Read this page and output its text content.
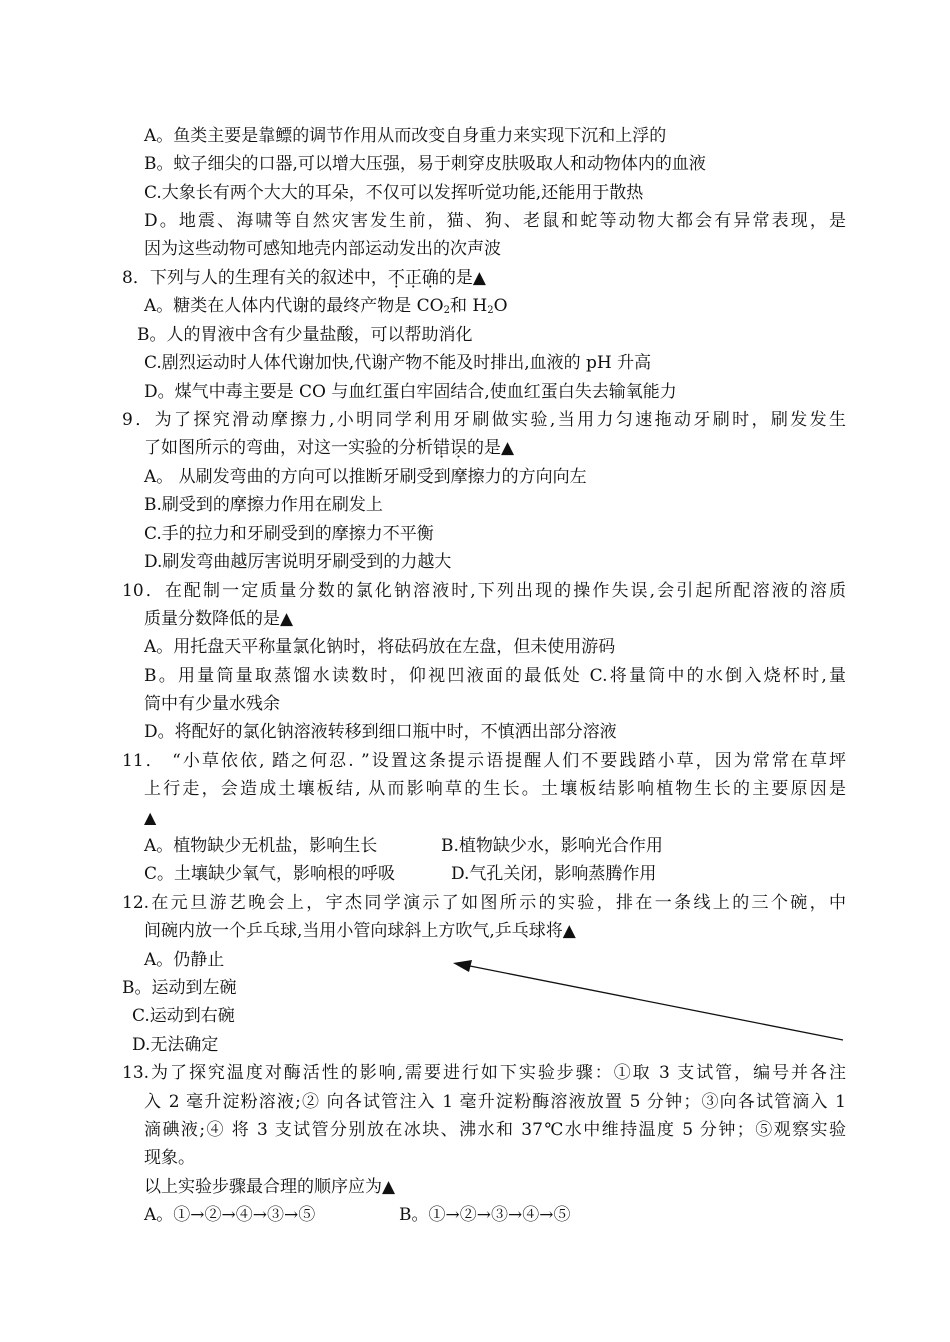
A。鱼类主要是靠鳔的调节作用从而改变自身重力来实现下沉和上浮的
B。蚊子细尖的口器,可以增大压强，易于刺穿皮肤吸取人和动物体内的血液
C.大象长有两个大大的耳朵，不仅可以发挥听觉功能,还能用于散热
D。地震、海啸等自然灾害发生前，猫、狗、老鼠和蛇等动物大都会有异常表现，是
因为这些动物可感知地壳内部运动发出的次声波
8．下列与人的生理有关的叙述中，不正确的是▲
A。糖类在人体内代谢的最终产物是 $CO_2$和 $H_2O$
B。人的胃液中含有少量盐酸，可以帮助消化
C.剧烈运动时人体代谢加快,代谢产物不能及时排出,血液的 pH 升高
D。煤气中毒主要是 CO 与血红蛋白牢固结合,使血红蛋白失去输氧能力
9．为了探究滑动摩擦力,小明同学利用牙刷做实验,当用力匀速拖动牙刷时，刷发发生
了如图所示的弯曲，对这一实验的分析错误的是▲
A。 从刷发弯曲的方向可以推断牙刷受到摩擦力的方向向左
B.刷受到的摩擦力作用在刷发上
C.手的拉力和牙刷受到的摩擦力不平衡
D.刷发弯曲越厉害说明牙刷受到的力越大
10．在配制一定质量分数的氯化钠溶液时,下列出现的操作失误,会引起所配溶液的溶质
质量分数降低的是▲
A。用托盘天平称量氯化钠时，将砝码放在左盘，但未使用游码
B。用量筒量取蒸馏水读数时，仰视凹液面的最低处 C.将量筒中的水倒入烧杯时,量
筒中有少量水残余
D。将配好的氯化钠溶液转移到细口瓶中时，不慎洒出部分溶液
11． “小草依依, 踏之何忍. ”设置这条提示语提醒人们不要践踏小草，因为常常在草坪
上行走，会造成土壤板结, 从而影响草的生长。土壤板结影响植物生长的主要原因是
▲
A。植物缺少无机盐，影响生长	B.植物缺少水，影响光合作用
C。土壤缺少氧气，影响根的呼吸	D.气孔关闭，影响蒸腾作用
12.在元旦游艺晚会上，宇杰同学演示了如图所示的实验，排在一条线上的三个碗，中
间碗内放一个乒乓球,当用小管向球斜上方吹气,乒乓球将▲
A。仍静止
B。运动到左碗
C.运动到右碗
D.无法确定
13.为了探究温度对酶活性的影响,需要进行如下实验步骤：①取 3 支试管，编号并各注
入 2 毫升淀粉溶液;② 向各试管注入 1 毫升淀粉酶溶液放置 5 分钟；③向各试管滴入 1
滴碘液;④ 将 3 支试管分别放在冰块、沸水和 37℃水中维持温度 5 分钟；⑤观察实验
现象。
以上实验步骤最合理的顺序应为▲
A。①→②→④→③→⑤	B。①→②→③→④→⑤
